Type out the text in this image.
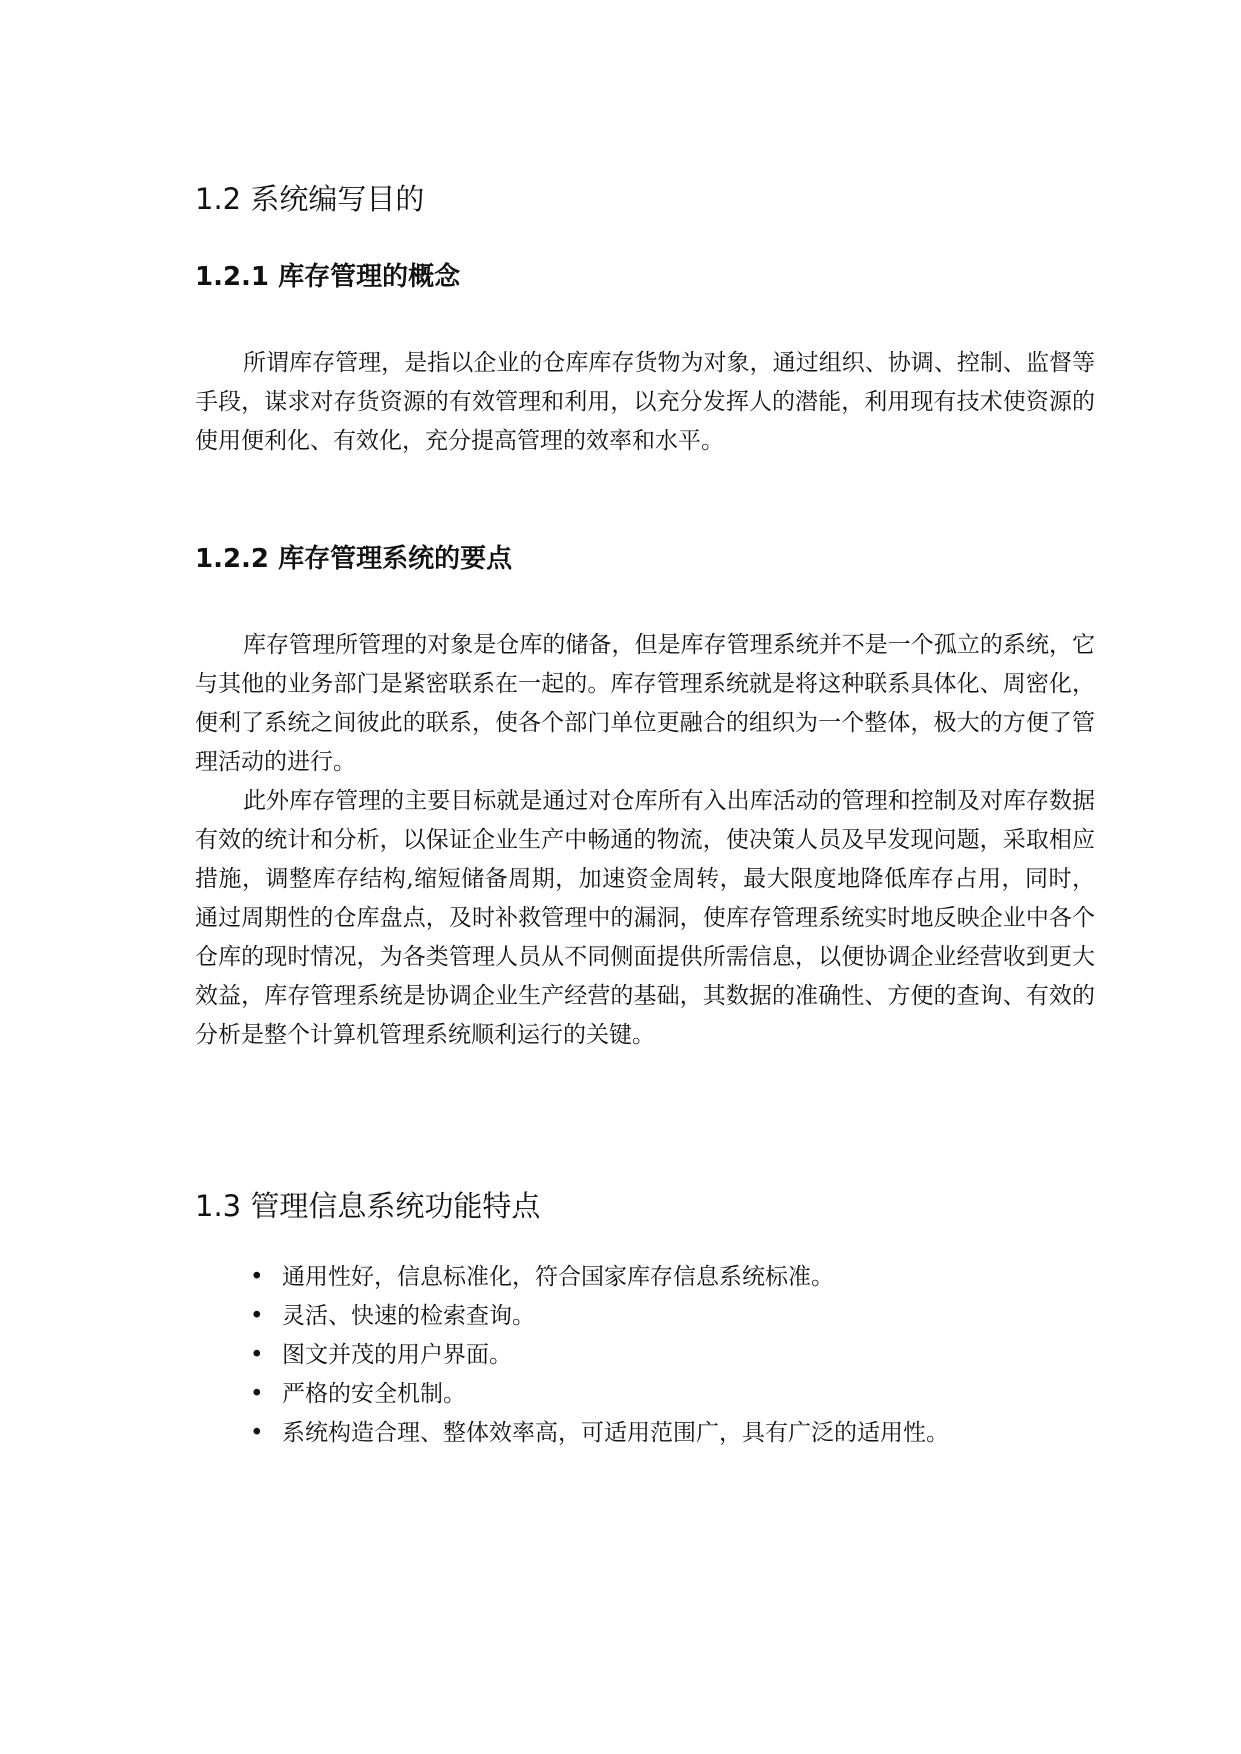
1.2 系统编写目的
1.2.1 库存管理的概念

所谓库存管理，是指以企业的仓库库存货物为对象，通过组织、协调、控制、监督等手段，谋求对存货资源的有效管理和利用，以充分发挥人的潜能，利用现有技术使资源的使用便利化、有效化，充分提高管理的效率和水平。

1.2.2 库存管理系统的要点

库存管理所管理的对象是仓库的储备，但是库存管理系统并不是一个孤立的系统，它与其他的业务部门是紧密联系在一起的。库存管理系统就是将这种联系具体化、周密化，便利了系统之间彼此的联系，使各个部门单位更融合的组织为一个整体，极大的方便了管理活动的进行。

此外库存管理的主要目标就是通过对仓库所有入出库活动的管理和控制及对库存数据有效的统计和分析，以保证企业生产中畅通的物流，使决策人员及早发现问题，采取相应措施，调整库存结构,缩短储备周期，加速资金周转，最大限度地降低库存占用，同时，通过周期性的仓库盘点，及时补救管理中的漏洞，使库存管理系统实时地反映企业中各个仓库的现时情况，为各类管理人员从不同侧面提供所需信息，以便协调企业经营收到更大效益，库存管理系统是协调企业生产经营的基础，其数据的准确性、方便的查询、有效的分析是整个计算机管理系统顺利运行的关键。

1.3 管理信息系统功能特点
• 通用性好，信息标准化，符合国家库存信息系统标准。
• 灵活、快速的检索查询。
• 图文并茂的用户界面。
• 严格的安全机制。
• 系统构造合理、整体效率高，可适用范围广，具有广泛的适用性。
